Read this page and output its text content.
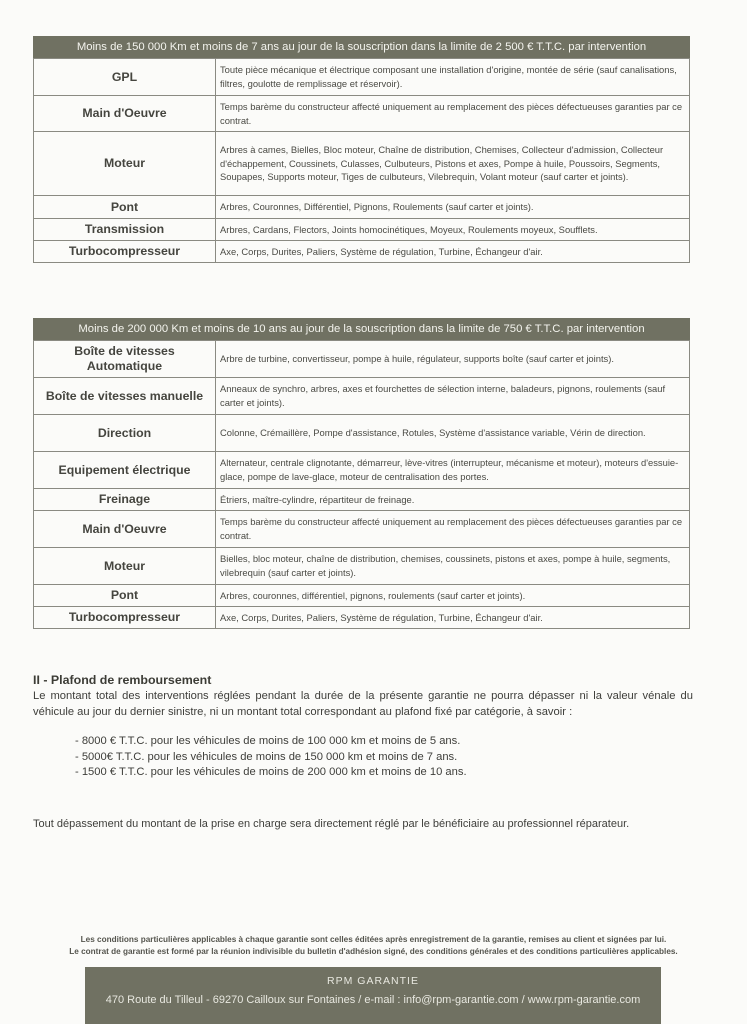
Moins de 150 000 Km et moins de 7 ans au jour de la souscription dans la limite de 2 500 € T.T.C. par intervention
GPL	Toute pièce mécanique et électrique composant une installation d'origine, montée de série (sauf canalisations, filtres, goulotte de remplissage et réservoir).
Main d'Oeuvre	Temps barème du constructeur affecté uniquement au remplacement des pièces défectueuses garanties par ce contrat.
Moteur	Arbres à cames, Bielles, Bloc moteur, Chaîne de distribution, Chemises, Collecteur d'admission, Collecteur d'échappement, Coussinets, Culasses, Culbuteurs, Pistons et axes, Pompe à huile, Poussoirs, Segments, Soupapes, Supports moteur, Tiges de culbuteurs, Vilebrequin, Volant moteur (sauf carter et joints).
Pont	Arbres, Couronnes, Différentiel, Pignons, Roulements (sauf carter et joints).
Transmission	Arbres, Cardans, Flectors, Joints homocinétiques, Moyeux, Roulements moyeux, Soufflets.
Turbocompresseur	Axe, Corps, Durites, Paliers, Système de régulation, Turbine, Échangeur d'air.
Moins de 200 000 Km et moins de 10 ans au jour de la souscription dans la limite de 750 € T.T.C. par intervention
Boîte de vitesses Automatique	Arbre de turbine, convertisseur, pompe à huile, régulateur, supports boîte (sauf carter et joints).
Boîte de vitesses manuelle	Anneaux de synchro, arbres, axes et fourchettes de sélection interne, baladeurs, pignons, roulements (sauf carter et joints).
Direction	Colonne, Crémaillère, Pompe d'assistance, Rotules, Système d'assistance variable, Vérin de direction.
Equipement électrique	Alternateur, centrale clignotante, démarreur, lève-vitres (interrupteur, mécanisme et moteur), moteurs d'essuie-glace, pompe de lave-glace, moteur de centralisation des portes.
Freinage	Étriers, maître-cylindre, répartiteur de freinage.
Main d'Oeuvre	Temps barème du constructeur affecté uniquement au remplacement des pièces défectueuses garanties par ce contrat.
Moteur	Bielles, bloc moteur, chaîne de distribution, chemises, coussinets, pistons et axes, pompe à huile, segments, vilebrequin (sauf carter et joints).
Pont	Arbres, couronnes, différentiel, pignons, roulements (sauf carter et joints).
Turbocompresseur	Axe, Corps, Durites, Paliers, Système de régulation, Turbine, Échangeur d'air.
II - Plafond de remboursement

Le montant total des interventions réglées pendant la durée de la présente garantie ne pourra dépasser ni la valeur vénale du véhicule au jour du dernier sinistre, ni un montant total correspondant au plafond fixé par catégorie, à savoir :

- 8000 € T.T.C. pour les véhicules de moins de 100 000 km et moins de 5 ans.
- 5000€ T.T.C. pour les véhicules de moins de 150 000 km et moins de 7 ans.
- 1500 € T.T.C. pour les véhicules de moins de 200 000 km et moins de 10 ans.
Tout dépassement du montant de la prise en charge sera directement réglé par le bénéficiaire au professionnel réparateur.
Les conditions particulières applicables à chaque garantie sont celles éditées après enregistrement de la garantie, remises au client et signées par lui.
Le contrat de garantie est formé par la réunion indivisible du bulletin d'adhésion signé, des conditions générales et des conditions particulières applicables.
RPM GARANTIE
470 Route du Tilleul - 69270 Cailloux sur Fontaines / e-mail : info@rpm-garantie.com / www.rpm-garantie.com
